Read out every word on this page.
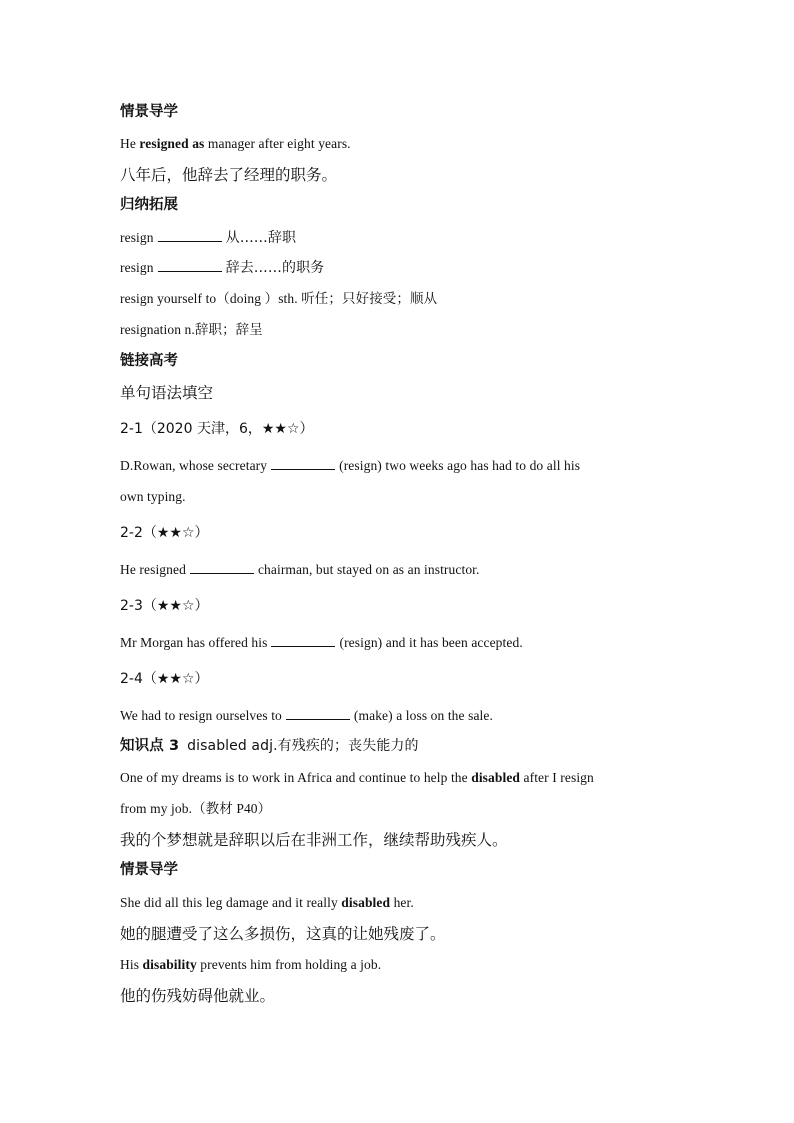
情景导学
He resigned as manager after eight years.
八年后，他辞去了经理的职务。
归纳拓展
resign	从……辞职
resign	辞去……的职务
resign yourself to（doing ）sth. 听任；只好接受；顺从
resignation n.辞职；辞呈
链接高考
单句语法填空
2-1（2020 天津，6，★★☆）
D.Rowan, whose secretary	(resign) two weeks ago has had to do all his
own typing.
2-2（★★☆）
He resigned	chairman, but stayed on as an instructor.
2-3（★★☆）
Mr Morgan has offered his	(resign) and it has been accepted.
2-4（★★☆）
We had to resign ourselves to	(make) a loss on the sale.
知识点 3 disabled adj.有残疾的；丧失能力的
One of my dreams is to work in Africa and continue to help the disabled after I resign
from my job.（教材 P40）
我的个梦想就是辞职以后在非洲工作，继续帮助残疾人。
情景导学
She did all this leg damage and it really disabled her.
她的腿遭受了这么多损伤，这真的让她残废了。
His disability prevents him from holding a job.
他的伤残妨碍他就业。
